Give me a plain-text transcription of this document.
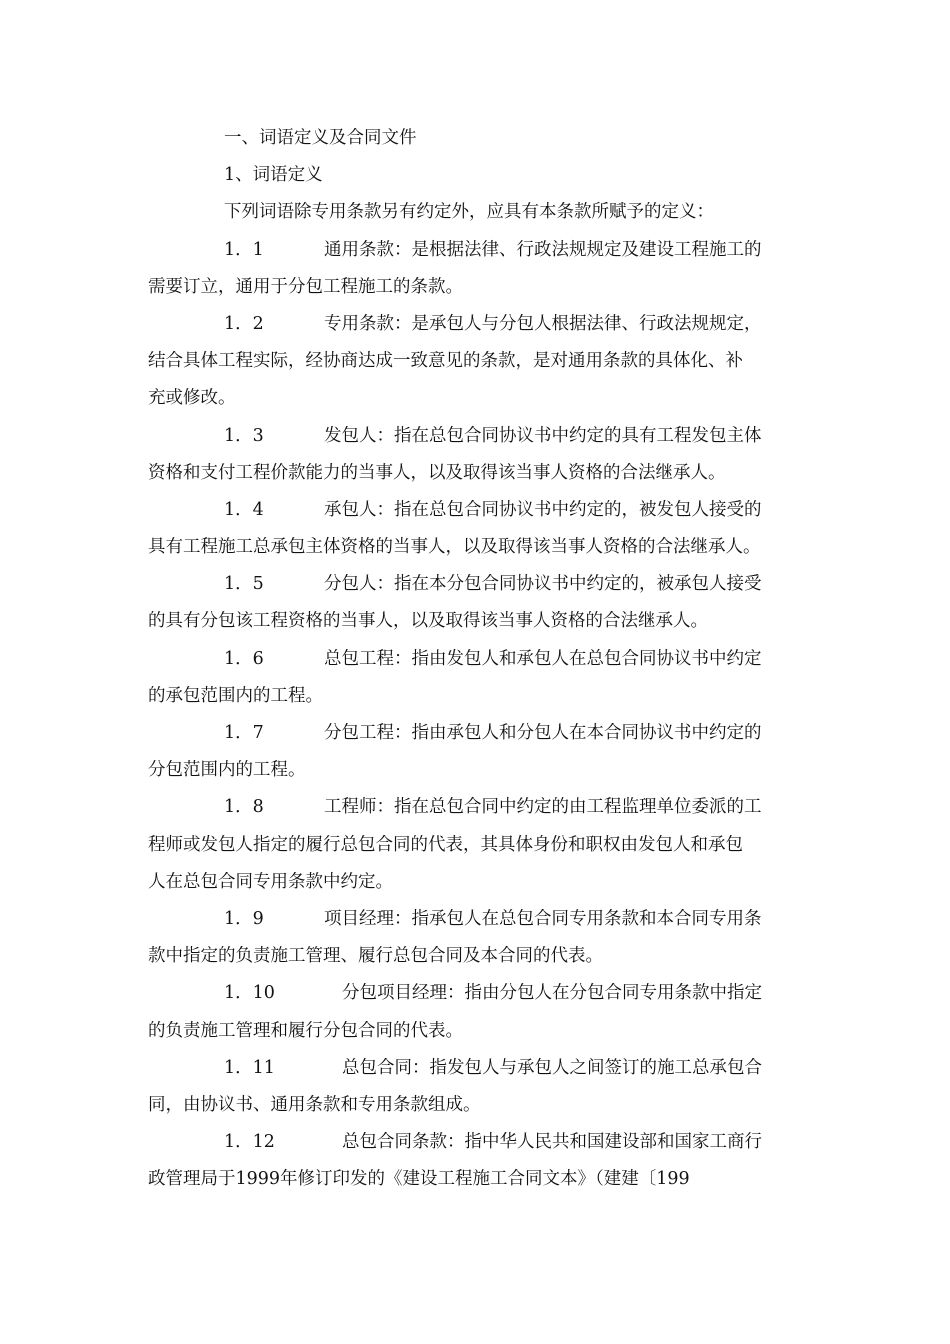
一、词语定义及合同文件
1、词语定义
下列词语除专用条款另有约定外，应具有本条款所赋予的定义：
1．1	通用条款：是根据法律、行政法规规定及建设工程施工的
需要订立，通用于分包工程施工的条款。
1．2	专用条款：是承包人与分包人根据法律、行政法规规定，
结合具体工程实际，经协商达成一致意见的条款，是对通用条款的具体化、补
充或修改。
1．3	发包人：指在总包合同协议书中约定的具有工程发包主体
资格和支付工程价款能力的当事人，以及取得该当事人资格的合法继承人。
1．4	承包人：指在总包合同协议书中约定的，被发包人接受的
具有工程施工总承包主体资格的当事人，以及取得该当事人资格的合法继承人。
1．5	分包人：指在本分包合同协议书中约定的，被承包人接受
的具有分包该工程资格的当事人，以及取得该当事人资格的合法继承人。
1．6	总包工程：指由发包人和承包人在总包合同协议书中约定
的承包范围内的工程。
1．7	分包工程：指由承包人和分包人在本合同协议书中约定的
分包范围内的工程。
1．8	工程师：指在总包合同中约定的由工程监理单位委派的工
程师或发包人指定的履行总包合同的代表，其具体身份和职权由发包人和承包
人在总包合同专用条款中约定。
1．9	项目经理：指承包人在总包合同专用条款和本合同专用条
款中指定的负责施工管理、履行总包合同及本合同的代表。
1．10	分包项目经理：指由分包人在分包合同专用条款中指定
的负责施工管理和履行分包合同的代表。
1．11	总包合同：指发包人与承包人之间签订的施工总承包合
同，由协议书、通用条款和专用条款组成。
1．12	总包合同条款：指中华人民共和国建设部和国家工商行
政管理局于1999年修订印发的《建设工程施工合同文本》（建建〔199
